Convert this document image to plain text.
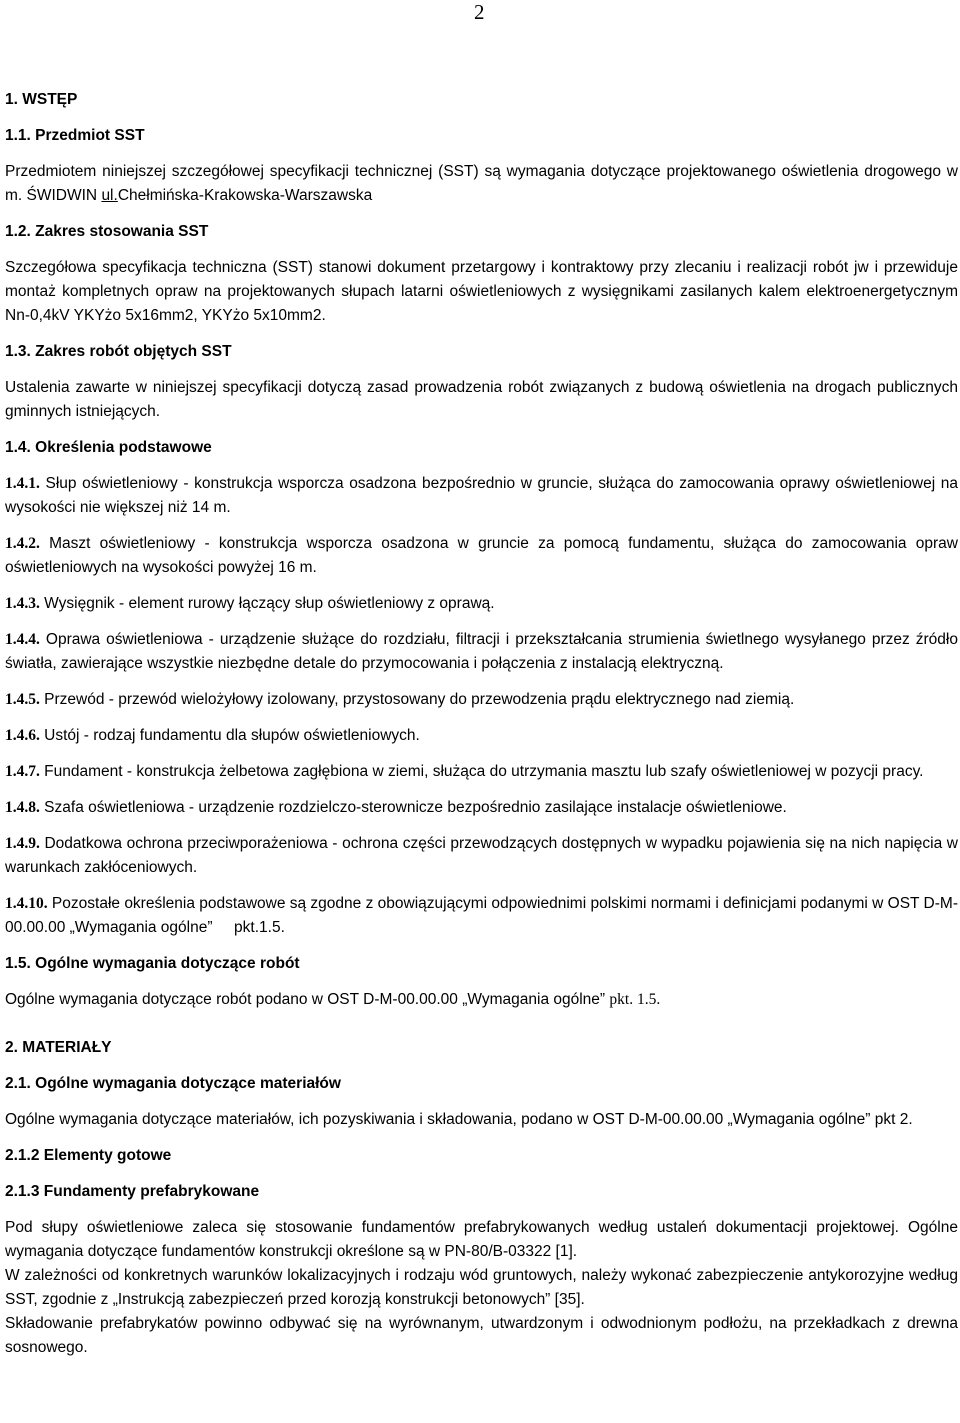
2

1. WSTĘP

1.1. Przedmiot SST

Przedmiotem niniejszej szczegółowej specyfikacji technicznej (SST) są wymagania dotyczące projektowanego oświetlenia drogowego w m. ŚWIDWIN ul.Chełmińska-Krakowska-Warszawska

1.2. Zakres stosowania SST

Szczegółowa specyfikacja techniczna (SST) stanowi dokument przetargowy i kontraktowy przy zlecaniu i realizacji robót jw i przewiduje montaż kompletnych opraw na projektowanych słupach latarni oświetleniowych z wysięgnikami zasilanych kalem elektroenergetycznym Nn-0,4kV YKYżo 5x16mm2, YKYżo 5x10mm2.

1.3. Zakres robót objętych SST

Ustalenia zawarte w niniejszej specyfikacji dotyczą zasad prowadzenia robót związanych z budową oświetlenia na drogach publicznych gminnych istniejących.

1.4. Określenia podstawowe

1.4.1. Słup oświetleniowy - konstrukcja wsporcza osadzona bezpośrednio w gruncie, służąca do zamocowania oprawy oświetleniowej na wysokości nie większej niż 14 m.

1.4.2. Maszt oświetleniowy - konstrukcja wsporcza osadzona w gruncie za pomocą fundamentu, służąca do zamocowania opraw oświetleniowych na wysokości powyżej 16 m.

1.4.3. Wysięgnik - element rurowy łączący słup oświetleniowy z oprawą.

1.4.4. Oprawa oświetleniowa - urządzenie służące do rozdziału, filtracji i przekształcania strumienia świetlnego wysyłanego przez źródło światła, zawierające wszystkie niezbędne detale do przymocowania i połączenia z instalacją elektryczną.

1.4.5. Przewód - przewód wielożyłowy izolowany, przystosowany do przewodzenia prądu elektrycznego nad ziemią.

1.4.6. Ustój - rodzaj fundamentu dla słupów oświetleniowych.

1.4.7. Fundament - konstrukcja żelbetowa zagłębiona w ziemi, służąca do utrzymania masztu lub szafy oświetleniowej w pozycji pracy.

1.4.8. Szafa oświetleniowa - urządzenie rozdzielczo-sterownicze bezpośrednio zasilające instalacje oświetleniowe.

1.4.9. Dodatkowa ochrona przeciwporażeniowa - ochrona części przewodzących dostępnych w wypadku pojawienia się na nich napięcia w warunkach zakłóceniowych.

1.4.10. Pozostałe określenia podstawowe są zgodne z obowiązującymi odpowiednimi polskimi normami i definicjami podanymi w OST D-M-00.00.00 „Wymagania ogólne”     pkt.1.5.

1.5. Ogólne wymagania dotyczące robót

Ogólne wymagania dotyczące robót podano w OST D-M-00.00.00 „Wymagania ogólne” pkt. 1.5.

2. MATERIAŁY

2.1. Ogólne wymagania dotyczące materiałów

Ogólne wymagania dotyczące materiałów, ich pozyskiwania i składowania, podano w OST D-M-00.00.00 „Wymagania ogólne” pkt 2.

2.1.2 Elementy gotowe

2.1.3 Fundamenty prefabrykowane

Pod słupy oświetleniowe zaleca się stosowanie fundamentów prefabrykowanych według ustaleń dokumentacji projektowej. Ogólne wymagania dotyczące fundamentów konstrukcji określone są w PN-80/B-03322 [1].

W zależności od konkretnych warunków lokalizacyjnych i rodzaju wód gruntowych, należy wykonać zabezpieczenie antykorozyjne według SST, zgodnie z „Instrukcją zabezpieczeń przed korozją konstrukcji betonowych” [35].

Składowanie prefabrykatów powinno odbywać się na wyrównanym, utwardzonym i odwodnionym podłożu, na przekładkach z drewna sosnowego.
